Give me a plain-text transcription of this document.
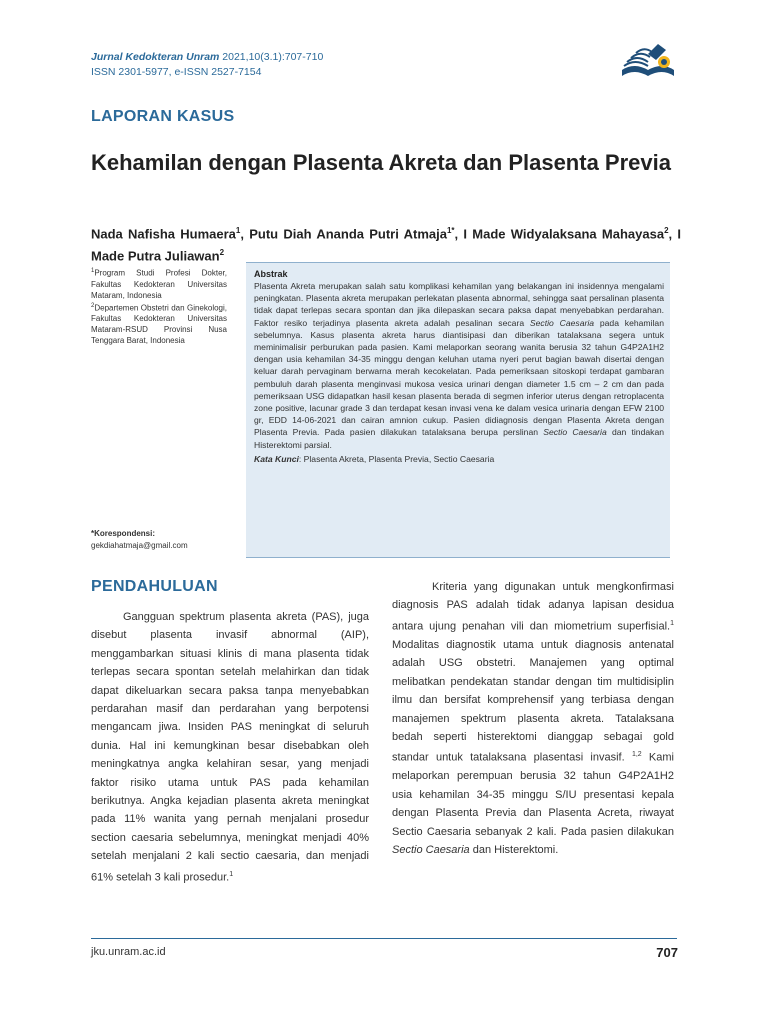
Jurnal Kedokteran Unram 2021,10(3.1):707-710
ISSN 2301-5977, e-ISSN 2527-7154
LAPORAN KASUS
Kehamilan dengan Plasenta Akreta dan Plasenta Previa
Nada Nafisha Humaera$^1$, Putu Diah Ananda Putri Atmaja$^{1*}$, I Made Widyalaksana Mahayasa$^2$, I Made Putra Juliawan$^2$

$^1$Program Studi Profesi Dokter, Fakultas Kedokteran Universitas Mataram, Indonesia

$^2$Departemen Obstetri dan Ginekologi, Fakultas Kedokteran Universitas Mataram-RSUD Provinsi Nusa Tenggara Barat, Indonesia

*Korespondensi:
gekdiahatmaja@gmail.com
Abstrak

Plasenta Akreta merupakan salah satu komplikasi kehamilan yang belakangan ini insidennya mengalami peningkatan. Plasenta akreta merupakan perlekatan plasenta abnormal, sehingga saat persalinan plasenta tidak dapat terlepas secara spontan dan jika dilepaskan secara paksa dapat menyebabkan perdarahan. Faktor resiko terjadinya plasenta akreta adalah pesalinan secara Sectio Caesaria pada kehamilan sebelumnya. Kasus plasenta akreta harus diantisipasi dan diberikan tatalaksana segera untuk meminimalisir perburukan pada pasien. Kami melaporkan seorang wanita berusia 32 tahun G4P2A1H2 dengan usia kehamilan 34-35 minggu dengan keluhan utama nyeri perut bagian bawah disertai dengan keluar darah pervaginam berwarna merah kecokelatan. Pada pemeriksaan sitoskopi terdapat gambaran pembuluh darah plasenta menginvasi mukosa vesica urinari dengan diameter 1.5 cm – 2 cm dan pada pemeriksaan USG didapatkan hasil kesan plasenta berada di segmen inferior uterus dengan retroplacenta zone positive, lacunar grade 3 dan terdapat kesan invasi vena ke dalam vesica urinaria dengan EFW 2100 gr, EDD 14-06-2021 dan cairan amnion cukup. Pasien didiagnosis dengan Plasenta Akreta dengan Plasenta Previa. Pada pasien dilakukan tatalaksana berupa perslinan Sectio Caesaria dan tindakan Histerektomi parsial.

Kata Kunci: Plasenta Akreta, Plasenta Previa, Sectio Caesaria
PENDAHULUAN

Gangguan spektrum plasenta akreta (PAS), juga disebut plasenta invasif abnormal (AIP), menggambarkan situasi klinis di mana plasenta tidak terlepas secara spontan setelah melahirkan dan tidak dapat dikeluarkan secara paksa tanpa menyebabkan perdarahan masif dan perdarahan yang berpotensi mengancam jiwa. Insiden PAS meningkat di seluruh dunia. Hal ini kemungkinan besar disebabkan oleh meningkatnya angka kelahiran sesar, yang menjadi faktor risiko utama untuk PAS pada kehamilan berikutnya. Angka kejadian plasenta akreta meningkat pada 11% wanita yang pernah menjalani prosedur section caesaria sebelumnya, meningkat menjadi 40% setelah menjalani 2 kali sectio caesaria, dan menjadi 61% setelah 3 kali prosedur.$^1$

Kriteria yang digunakan untuk mengkonfirmasi diagnosis PAS adalah tidak adanya lapisan desidua antara ujung penahan vili dan miometrium superfisial.$^1$ Modalitas diagnostik utama untuk diagnosis antenatal adalah USG obstetri. Manajemen yang optimal melibatkan pendekatan standar dengan tim multidisiplin ilmu dan bersifat komprehensif yang terbiasa dengan manajemen spektrum plasenta akreta. Tatalaksana bedah seperti histerektomi dianggap sebagai gold standar untuk tatalaksana plasentasi invasif. $^{1,2}$ Kami melaporkan perempuan berusia 32 tahun G4P2A1H2 usia kehamilan 34-35 minggu S/IU presentasi kepala dengan Plasenta Previa dan Plasenta Acreta, riwayat Sectio Caesaria sebanyak 2 kali. Pada pasien dilakukan Sectio Caesaria dan Histerektomi.

jku.unram.ac.id	707
